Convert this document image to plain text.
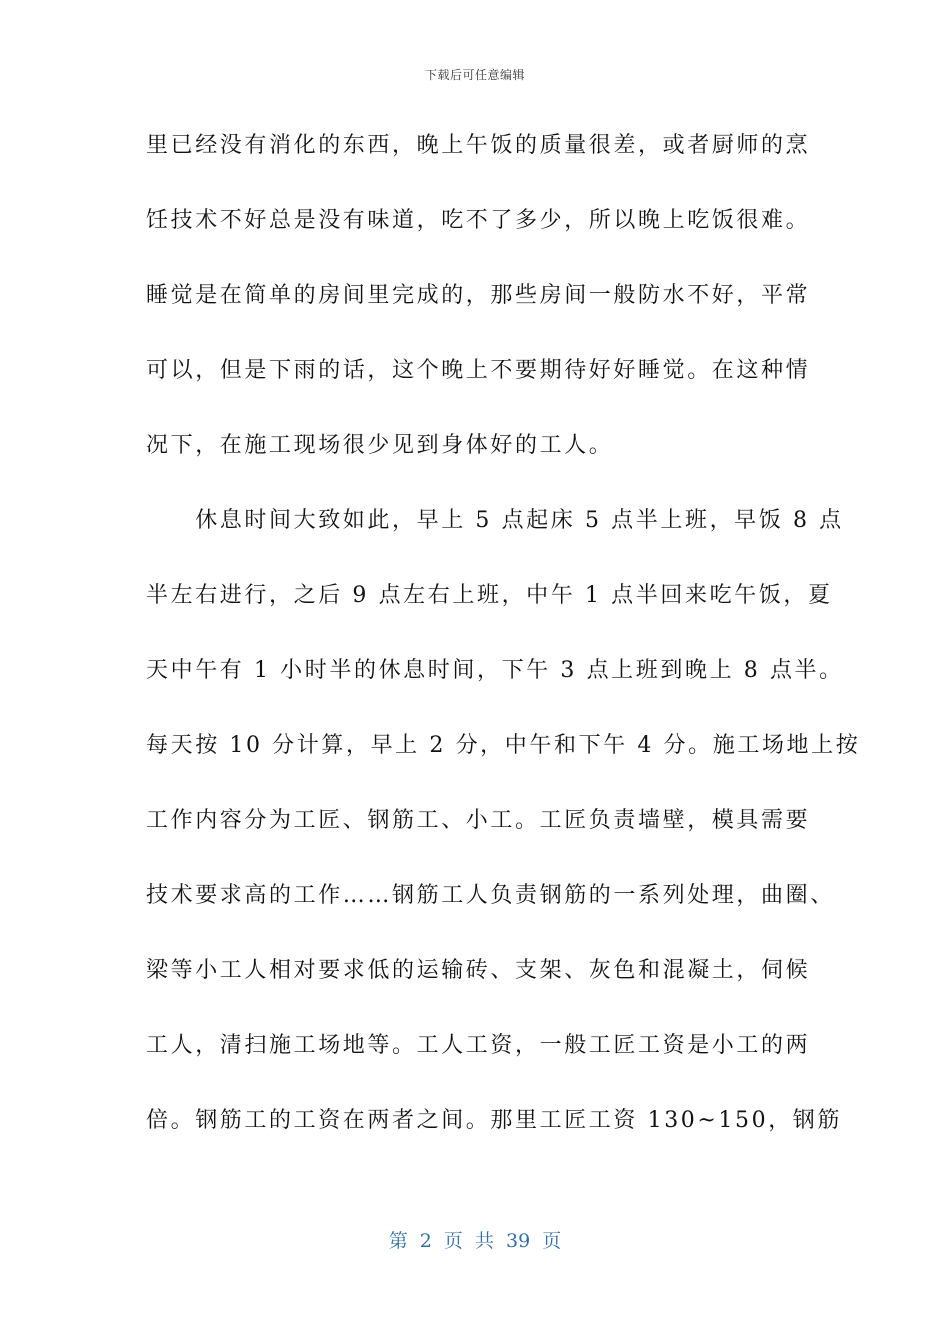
下载后可任意编辑
里已经没有消化的东西，晚上午饭的质量很差，或者厨师的烹
饪技术不好总是没有味道，吃不了多少，所以晚上吃饭很难。
睡觉是在简单的房间里完成的，那些房间一般防水不好，平常
可以，但是下雨的话，这个晚上不要期待好好睡觉。在这种情
况下，在施工现场很少见到身体好的工人。
　　休息时间大致如此，早上 5 点起床 5 点半上班，早饭 8 点
半左右进行，之后 9 点左右上班，中午 1 点半回来吃午饭，夏
天中午有 1 小时半的休息时间，下午 3 点上班到晚上 8 点半。
每天按 10 分计算，早上 2 分，中午和下午 4 分。施工场地上按
工作内容分为工匠、钢筋工、小工。工匠负责墙壁，模具需要
技术要求高的工作……钢筋工人负责钢筋的一系列处理，曲圈、
梁等小工人相对要求低的运输砖、支架、灰色和混凝土，伺候
工人，清扫施工场地等。工人工资，一般工匠工资是小工的两
倍。钢筋工的工资在两者之间。那里工匠工资 130~150，钢筋
第 2 页 共 39 页
